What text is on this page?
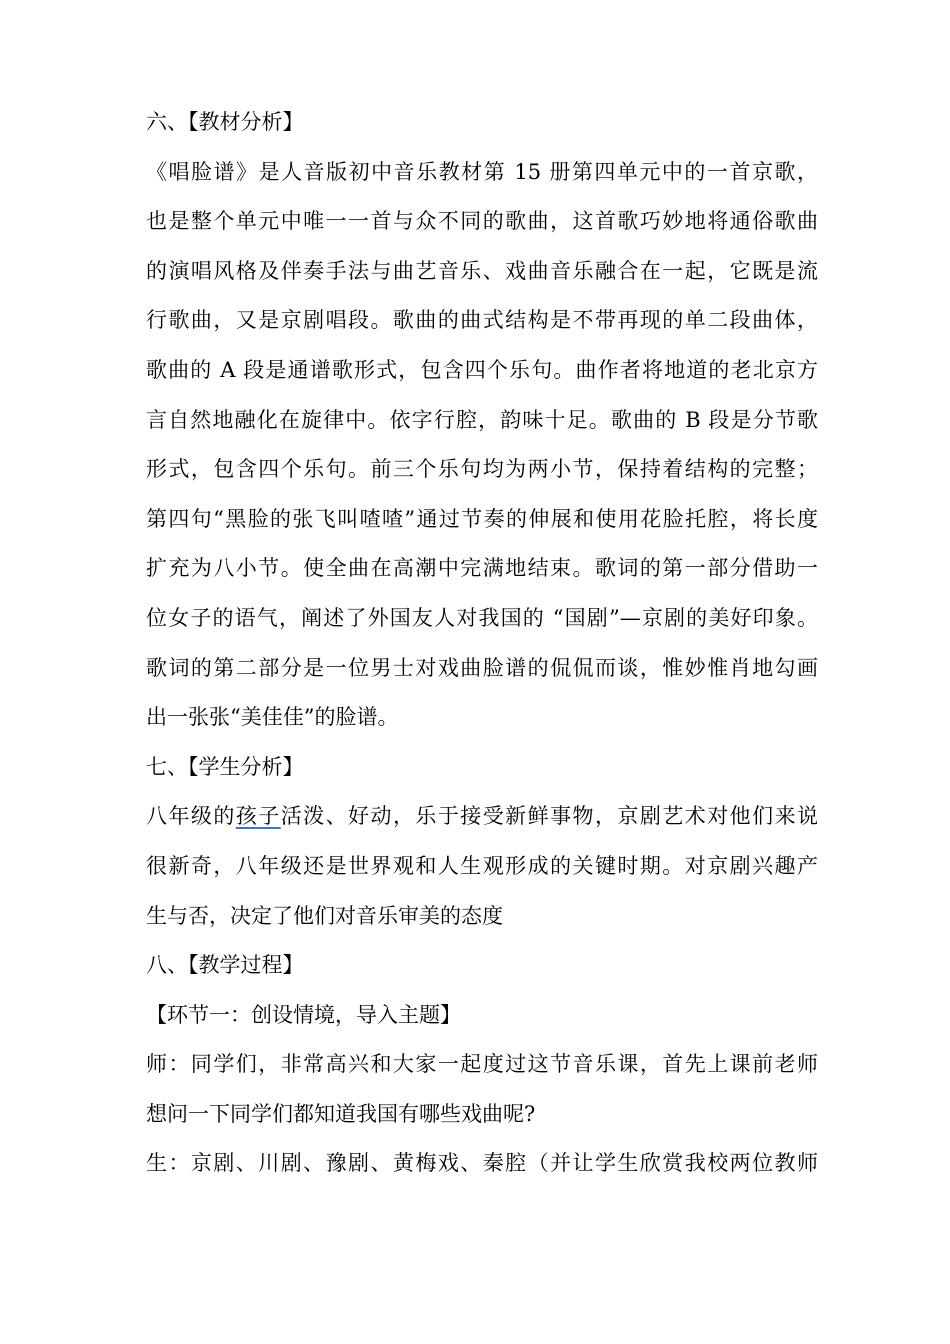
六、【教材分析】
《唱脸谱》是人音版初中音乐教材第 15 册第四单元中的一首京歌，
也是整个单元中唯一一首与众不同的歌曲，这首歌巧妙地将通俗歌曲
的演唱风格及伴奏手法与曲艺音乐、戏曲音乐融合在一起，它既是流
行歌曲，又是京剧唱段。歌曲的曲式结构是不带再现的单二段曲体，
歌曲的 A 段是通谱歌形式，包含四个乐句。曲作者将地道的老北京方
言自然地融化在旋律中。依字行腔，韵味十足。歌曲的 B 段是分节歌
形式，包含四个乐句。前三个乐句均为两小节，保持着结构的完整；
第四句“黑脸的张飞叫喳喳”通过节奏的伸展和使用花脸托腔，将长度
扩充为八小节。使全曲在高潮中完满地结束。歌词的第一部分借助一
位女子的语气，阐述了外国友人对我国的 “国剧”—京剧的美好印象。
歌词的第二部分是一位男士对戏曲脸谱的侃侃而谈，惟妙惟肖地勾画
出一张张“美佳佳”的脸谱。
七、【学生分析】
八年级的孩子活泼、好动，乐于接受新鲜事物，京剧艺术对他们来说
很新奇，八年级还是世界观和人生观形成的关键时期。对京剧兴趣产
生与否，决定了他们对音乐审美的态度
八、【教学过程】
【环节一：创设情境，导入主题】
师：同学们，非常高兴和大家一起度过这节音乐课，首先上课前老师
想问一下同学们都知道我国有哪些戏曲呢?
生：京剧、川剧、豫剧、黄梅戏、秦腔（并让学生欣赏我校两位教师
